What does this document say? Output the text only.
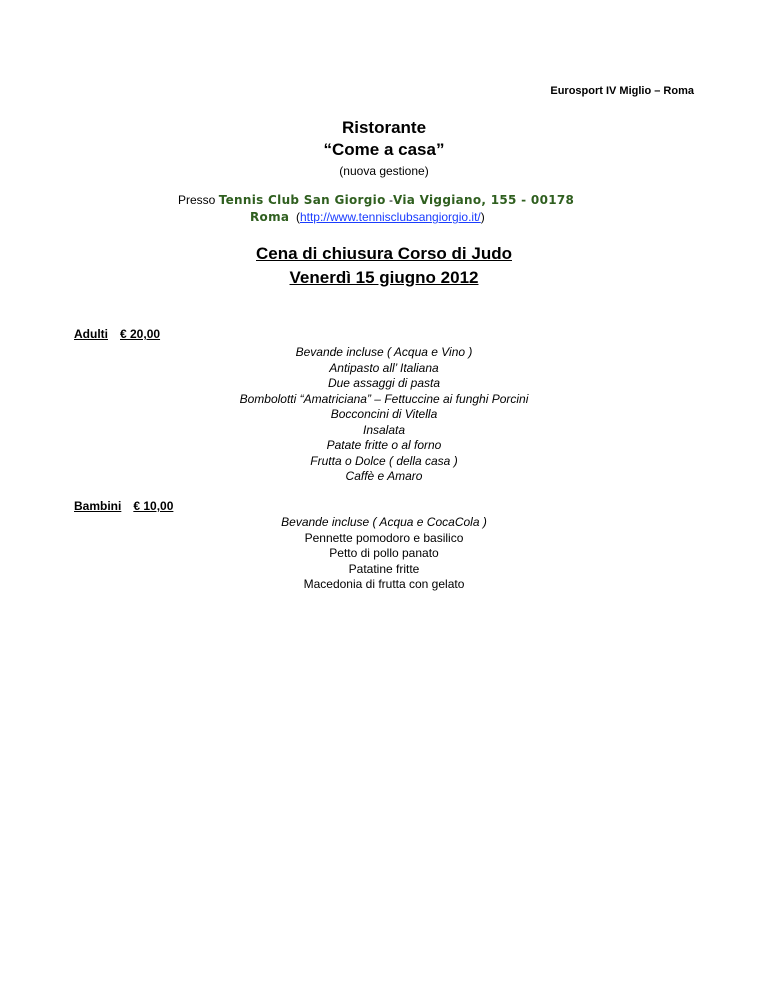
Eurosport IV Miglio – Roma
Ristorante
“Come a casa”
(nuova gestione)
Presso Tennis Club San Giorgio -Via Viggiano, 155 - 00178
Roma (http://www.tennisclubsangiorgio.it/)
Cena di chiusura Corso di Judo
Venerdì 15 giugno 2012
Adulti € 20,00
Bevande incluse ( Acqua e Vino )
Antipasto all’ Italiana
Due assaggi di pasta
Bombolotti “Amatriciana” – Fettuccine ai funghi Porcini
Bocconcini di Vitella
Insalata
Patate fritte o al forno
Frutta o Dolce ( della casa )
Caffè e Amaro
Bambini € 10,00
Bevande incluse ( Acqua e CocaCola )
Pennette pomodoro e basilico
Petto di pollo panato
Patatine fritte
Macedonia di frutta con gelato
